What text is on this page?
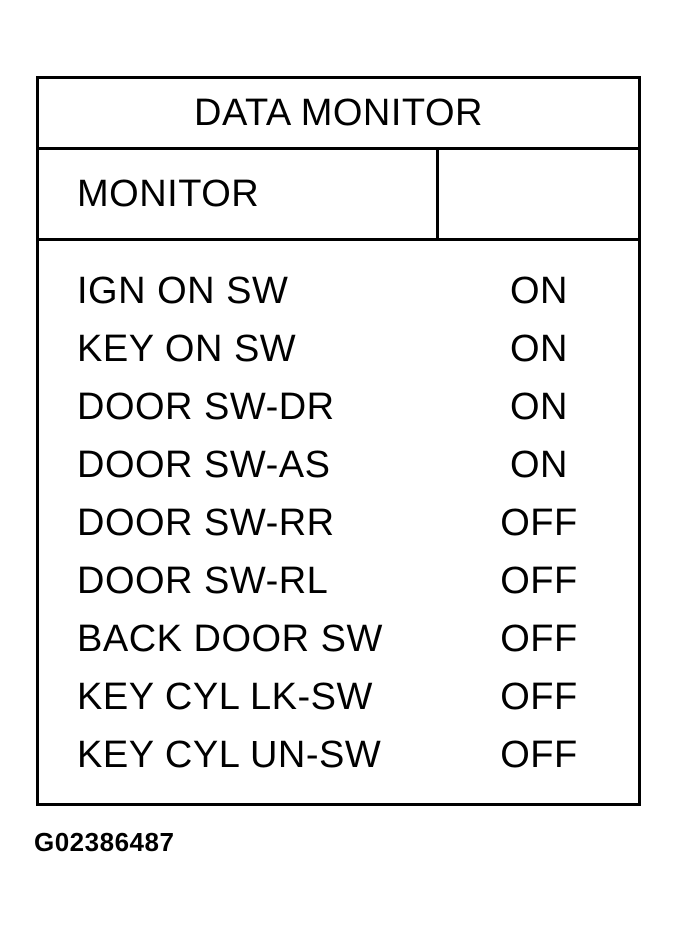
DATA MONITOR
MONITOR
IGN ON SW	ON
KEY ON SW	ON
DOOR SW-DR	ON
DOOR SW-AS	ON
DOOR SW-RR	OFF
DOOR SW-RL	OFF
BACK DOOR SW	OFF
KEY CYL LK-SW	OFF
KEY CYL UN-SW	OFF
G02386487
